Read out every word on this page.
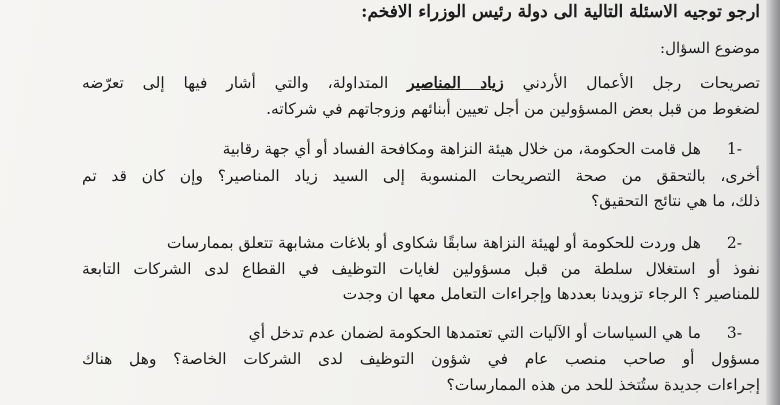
ارجو توجيه الاسئلة التالية الى دولة رئيس الوزراء الافخم:
موضوع السؤال:
تصريحات رجل الأعمال الأردني زياد المناصير المتداولة، والتي أشار فيها إلى تعرّضه
لضغوط من قبل بعض المسؤولين من أجل تعيين أبنائهم وزوجاتهم في شركاته.
-1هل قامت الحكومة، من خلال هيئة النزاهة ومكافحة الفساد أو أي جهة رقابية
أخرى، بالتحقق من صحة التصريحات المنسوبة إلى السيد زياد المناصير؟ وإن كان قد تم
ذلك، ما هي نتائج التحقيق؟
-2هل وردت للحكومة أو لهيئة النزاهة سابقًا شكاوى أو بلاغات مشابهة تتعلق بممارسات
نفوذ أو استغلال سلطة من قبل مسؤولين لغايات التوظيف في القطاع لدى الشركات التابعة
للمناصير ؟ الرجاء تزويدنا بعددها وإجراءات التعامل معها ان وجدت
-3ما هي السياسات أو الآليات التي تعتمدها الحكومة لضمان عدم تدخل أي
مسؤول أو صاحب منصب عام في شؤون التوظيف لدى الشركات الخاصة؟ وهل هناك
إجراءات جديدة ستُتخذ للحد من هذه الممارسات؟
